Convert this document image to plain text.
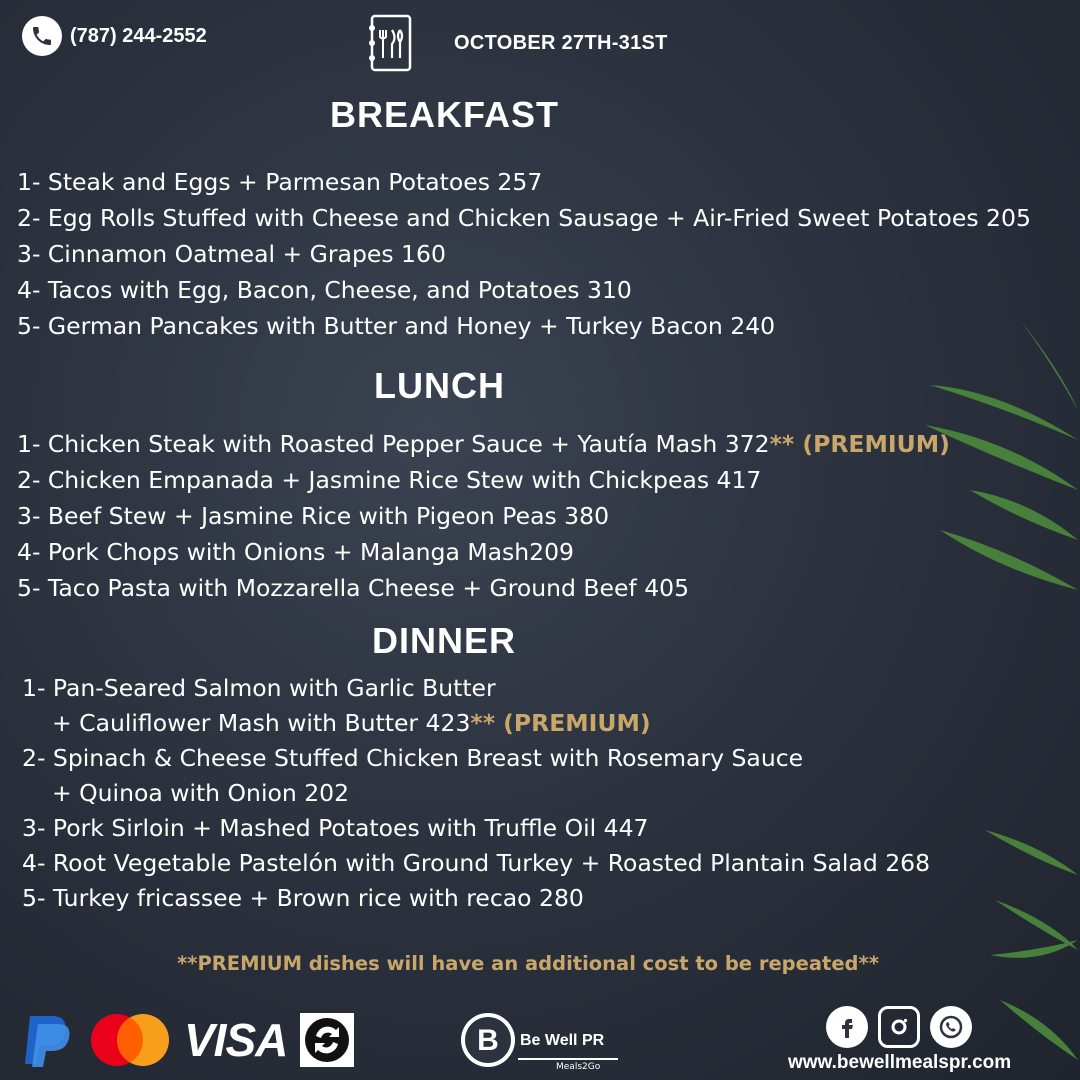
(787) 244-2552	OCTOBER 27TH-31ST
BREAKFAST
1- Steak and Eggs + Parmesan Potatoes 257
2- Egg Rolls Stuffed with Cheese and Chicken Sausage + Air-Fried Sweet Potatoes 205
3- Cinnamon Oatmeal + Grapes 160
4- Tacos with Egg, Bacon, Cheese, and Potatoes 310
5- German Pancakes with Butter and Honey + Turkey Bacon 240
LUNCH
1- Chicken Steak with Roasted Pepper Sauce + Yautía Mash 372** (PREMIUM)
2- Chicken Empanada + Jasmine Rice Stew with Chickpeas 417
3- Beef Stew + Jasmine Rice with Pigeon Peas 380
4- Pork Chops with Onions + Malanga Mash209
5- Taco Pasta with Mozzarella Cheese + Ground Beef 405
DINNER
1- Pan-Seared Salmon with Garlic Butter
+ Cauliflower Mash with Butter 423** (PREMIUM)
2- Spinach & Cheese Stuffed Chicken Breast with Rosemary Sauce
+ Quinoa with Onion 202
3- Pork Sirloin + Mashed Potatoes with Truffle Oil 447
4- Root Vegetable Pastelón with Ground Turkey + Roasted Plantain Salad 268
5- Turkey fricassee + Brown rice with recao 280
**PREMIUM dishes will have an additional cost to be repeated**
VISA	B Be Well PR
Meals2Go	www.bewellmealspr.com
